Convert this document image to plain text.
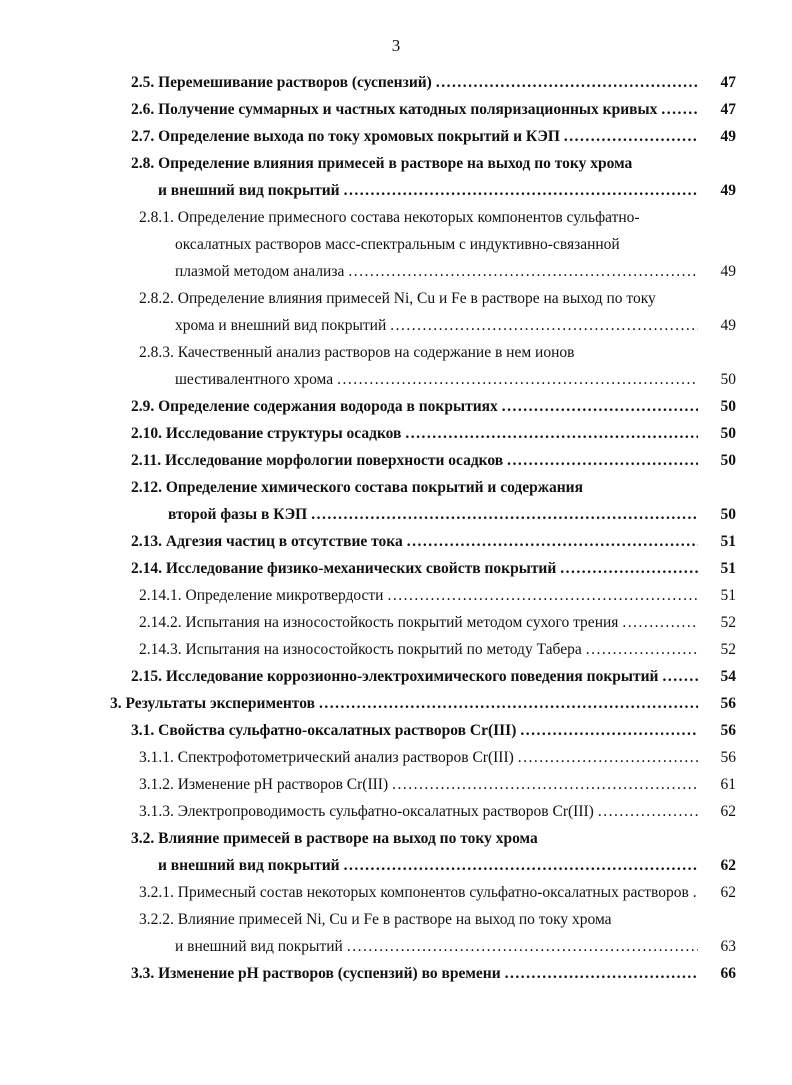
3
2.5. Перемешивание растворов (суспензий) .....	47
2.6. Получение суммарных и частных катодных поляризационных кривых .....	47
2.7. Определение выхода по току хромовых покрытий и КЭП .....	49
2.8. Определение влияния примесей в растворе на выход по току хрома
и внешний вид покрытий .....	49
2.8.1. Определение примесного состава некоторых компонентов сульфатно-
оксалатных растворов масс-спектральным с индуктивно-связанной
плазмой методом анализа .....	49
2.8.2. Определение влияния примесей Ni, Cu и Fe в растворе на выход по току
хрома и внешний вид покрытий .....	49
2.8.3. Качественный анализ растворов на содержание в нем ионов
шестивалентного хрома .....	50
2.9. Определение содержания водорода в покрытиях .....	50
2.10. Исследование структуры осадков .....	50
2.11. Исследование морфологии поверхности осадков .....	50
2.12. Определение химического состава покрытий и содержания
второй фазы в КЭП .....	50
2.13. Адгезия частиц в отсутствие тока .....	51
2.14. Исследование физико-механических свойств покрытий .....	51
2.14.1. Определение микротвердости .....	51
2.14.2. Испытания на износостойкость покрытий методом сухого трения .....	52
2.14.3. Испытания на износостойкость покрытий по методу Табера .....	52
2.15. Исследование коррозионно-электрохимического поведения покрытий .....	54
3. Результаты экспериментов .....	56
3.1. Свойства сульфатно-оксалатных растворов Cr(III) .....	56
3.1.1. Спектрофотометрический анализ растворов Cr(III) .....	56
3.1.2. Изменение pH растворов Cr(III) .....	61
3.1.3. Электропроводимость сульфатно-оксалатных растворов Cr(III) .....	62
3.2. Влияние примесей в растворе на выход по току хрома
и внешний вид покрытий .....	62
3.2.1. Примесный состав некоторых компонентов сульфатно-оксалатных растворов .....	62
3.2.2. Влияние примесей Ni, Cu и Fe в растворе на выход по току хрома
и внешний вид покрытий .....	63
3.3. Изменение pH растворов (суспензий) во времени .....	66
